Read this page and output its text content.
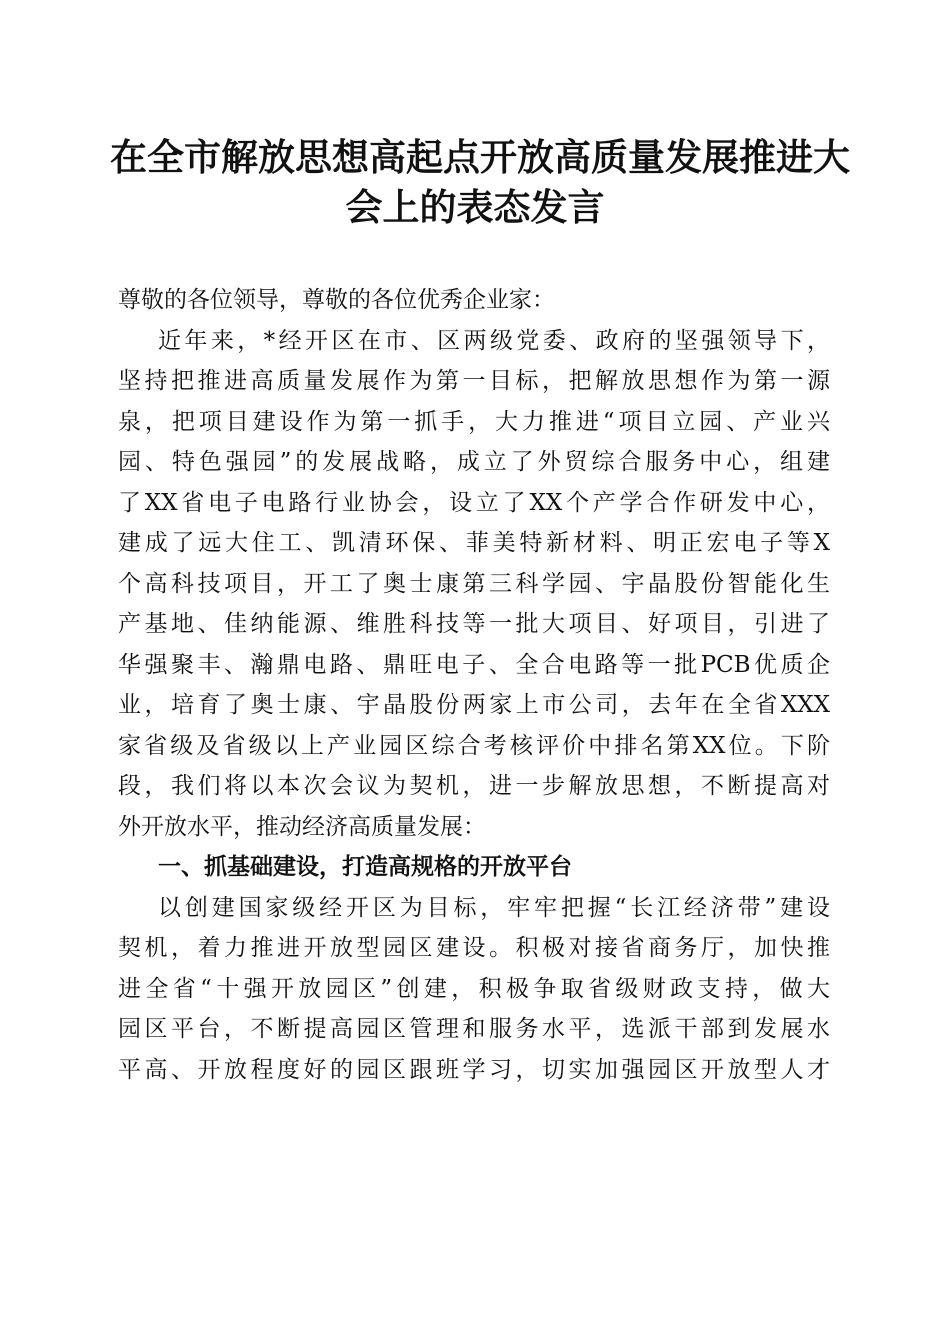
在全市解放思想高起点开放高质量发展推进大
会上的表态发言
尊敬的各位领导，尊敬的各位优秀企业家：
近年来，*经开区在市、区两级党委、政府的坚强领导下，
坚持把推进高质量发展作为第一目标，把解放思想作为第一源
泉，把项目建设作为第一抓手，大力推进“项目立园、产业兴
园、特色强园”的发展战略，成立了外贸综合服务中心，组建
了XX省电子电路行业协会，设立了XX个产学合作研发中心，
建成了远大住工、凯清环保、菲美特新材料、明正宏电子等X
个高科技项目，开工了奥士康第三科学园、宇晶股份智能化生
产基地、佳纳能源、维胜科技等一批大项目、好项目，引进了
华强聚丰、瀚鼎电路、鼎旺电子、全合电路等一批PCB优质企
业，培育了奥士康、宇晶股份两家上市公司，去年在全省XXX
家省级及省级以上产业园区综合考核评价中排名第XX位。下阶
段，我们将以本次会议为契机，进一步解放思想，不断提高对
外开放水平，推动经济高质量发展：
一、抓基础建设，打造高规格的开放平台
以创建国家级经开区为目标，牢牢把握“长江经济带”建设
契机，着力推进开放型园区建设。积极对接省商务厅，加快推
进全省“十强开放园区”创建，积极争取省级财政支持，做大
园区平台，不断提高园区管理和服务水平，选派干部到发展水
平高、开放程度好的园区跟班学习，切实加强园区开放型人才
